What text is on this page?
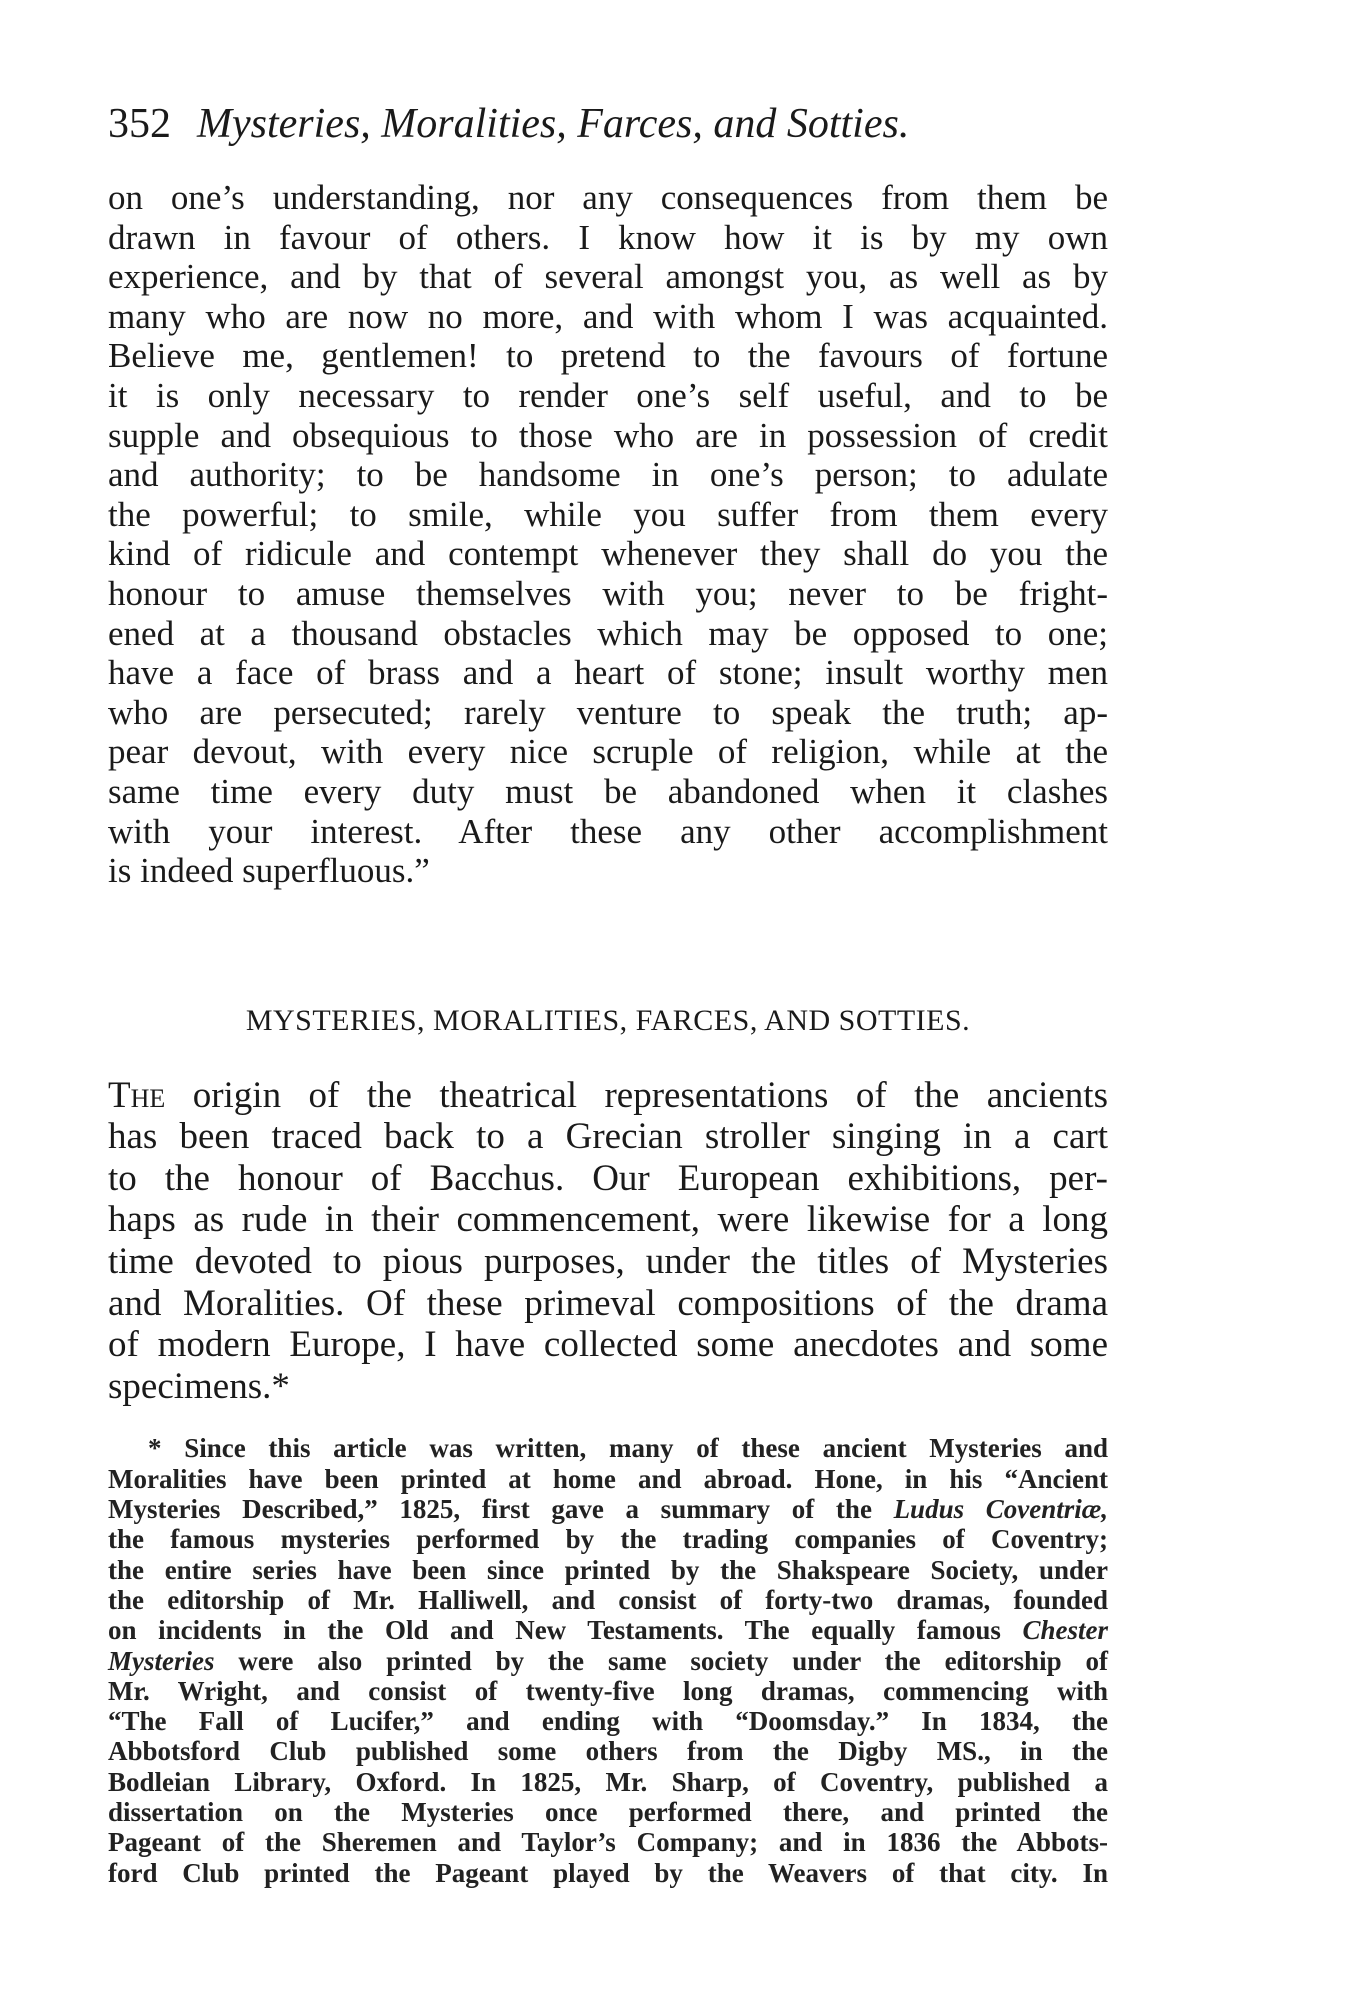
352 Mysteries, Moralities, Farces, and Sotties.
on one’s understanding, nor any consequences from them be
drawn in favour of others. I know how it is by my own
experience, and by that of several amongst you, as well as by
many who are now no more, and with whom I was acquainted.
Believe me, gentlemen! to pretend to the favours of fortune
it is only necessary to render one’s self useful, and to be
supple and obsequious to those who are in possession of credit
and authority; to be handsome in one’s person; to adulate
the powerful; to smile, while you suffer from them every
kind of ridicule and contempt whenever they shall do you the
honour to amuse themselves with you; never to be fright-
ened at a thousand obstacles which may be opposed to one;
have a face of brass and a heart of stone; insult worthy men
who are persecuted; rarely venture to speak the truth; ap-
pear devout, with every nice scruple of religion, while at the
same time every duty must be abandoned when it clashes
with your interest. After these any other accomplishment
is indeed superfluous.”
MYSTERIES, MORALITIES, FARCES, AND SOTTIES.
The origin of the theatrical representations of the ancients
has been traced back to a Grecian stroller singing in a cart
to the honour of Bacchus. Our European exhibitions, per-
haps as rude in their commencement, were likewise for a long
time devoted to pious purposes, under the titles of Mysteries
and Moralities. Of these primeval compositions of the drama
of modern Europe, I have collected some anecdotes and some
specimens.*
* Since this article was written, many of these ancient Mysteries and
Moralities have been printed at home and abroad. Hone, in his “Ancient
Mysteries Described,” 1825, first gave a summary of the Ludus Coventriæ,
the famous mysteries performed by the trading companies of Coventry;
the entire series have been since printed by the Shakspeare Society, under
the editorship of Mr. Halliwell, and consist of forty-two dramas, founded
on incidents in the Old and New Testaments. The equally famous Chester
Mysteries were also printed by the same society under the editorship of
Mr. Wright, and consist of twenty-five long dramas, commencing with
“The Fall of Lucifer,” and ending with “Doomsday.” In 1834, the
Abbotsford Club published some others from the Digby MS., in the
Bodleian Library, Oxford. In 1825, Mr. Sharp, of Coventry, published a
dissertation on the Mysteries once performed there, and printed the
Pageant of the Sheremen and Taylor’s Company; and in 1836 the Abbots-
ford Club printed the Pageant played by the Weavers of that city. In
